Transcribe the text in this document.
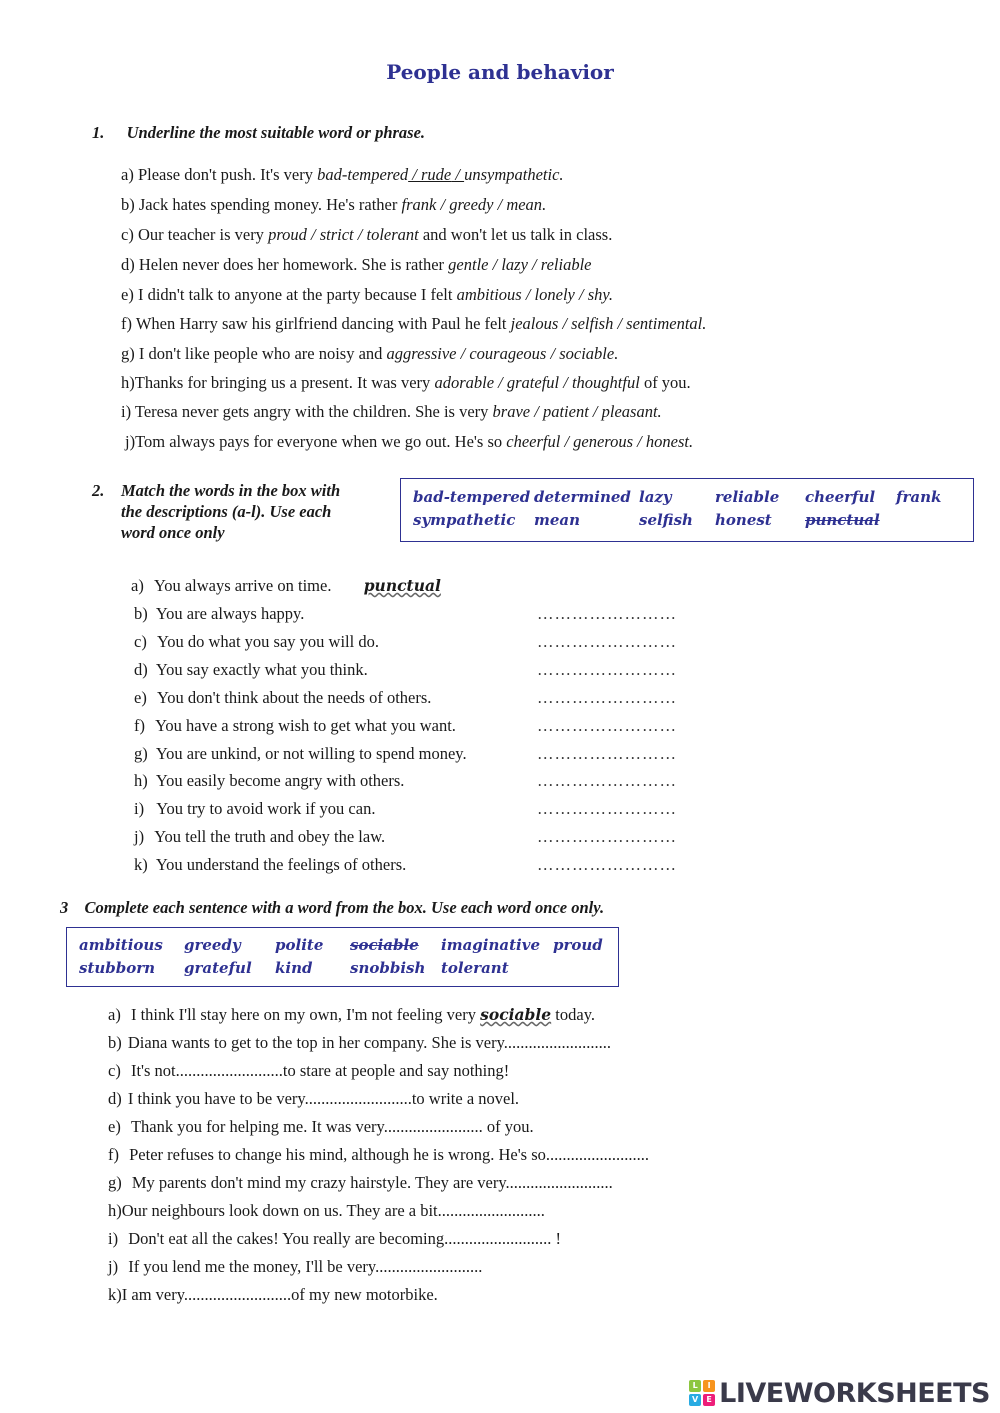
People and behavior
1. Underline the most suitable word or phrase.
a) Please don't push. It's very bad-tempered / rude / unsympathetic.
b) Jack hates spending money. He's rather frank / greedy / mean.
c) Our teacher is very proud / strict / tolerant and won't let us talk in class.
d) Helen never does her homework. She is rather gentle / lazy / reliable
e) I didn't talk to anyone at the party because I felt ambitious / lonely / shy.
f) When Harry saw his girlfriend dancing with Paul he felt jealous / selfish / sentimental.
g) I don't like people who are noisy and aggressive / courageous / sociable.
h)Thanks for bringing us a present. It was very adorable / grateful / thoughtful of you.
i) Teresa never gets angry with the children. She is very brave / patient / pleasant.
j)Tom always pays for everyone when we go out. He's so cheerful / generous / honest.
2. Match the words in the box with
the descriptions (a-l). Use each
word once only
bad-tempered determined lazy	reliable cheerful frank
sympathetic mean	selfish honest punctual
a) You always arrive on time. punctual
b) You are always happy.	……………………
c) You do what you say you will do.	……………………
d) You say exactly what you think.	……………………
e) You don't think about the needs of others.	……………………
f) You have a strong wish to get what you want.	……………………
g) You are unkind, or not willing to spend money.	……………………
h) You easily become angry with others.	……………………
i) You try to avoid work if you can.	……………………
j) You tell the truth and obey the law.	……………………
k) You understand the feelings of others.	……………………
3 Complete each sentence with a word from the box. Use each word once only.
ambitious greedy polite sociable imaginative proud
stubborn grateful kind	snobbish tolerant
a) I think I'll stay here on my own, I'm not feeling very sociable today.
b) Diana wants to get to the top in her company. She is very..........................
c) It's not..........................to stare at people and say nothing!
d) I think you have to be very..........................to write a novel.
e) Thank you for helping me. It was very........................ of you.
f) Peter refuses to change his mind, although he is wrong. He's so.........................
g) My parents don't mind my crazy hairstyle. They are very..........................
h)Our neighbours look down on us. They are a bit..........................
i) Don't eat all the cakes! You really are becoming.......................... !
j) If you lend me the money, I'll be very..........................
k)I am very..........................of my new motorbike.
L	I
V	E LIVEWORKSHEETS
